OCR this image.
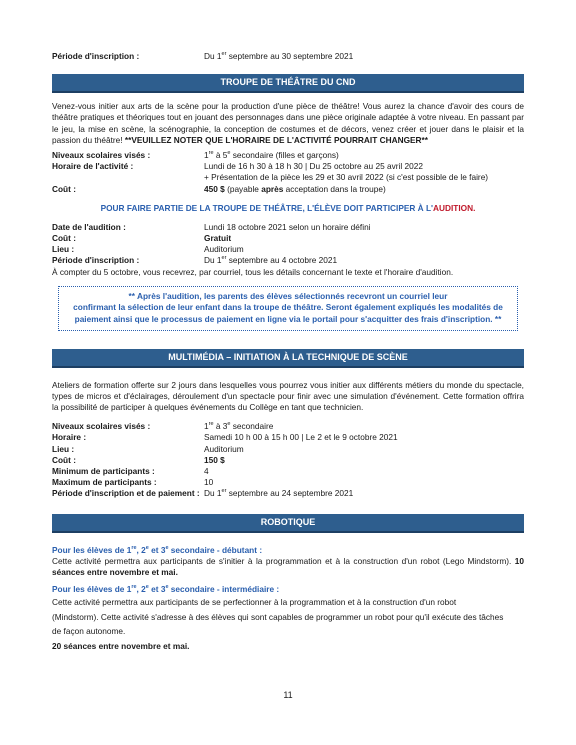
Période d'inscription :	Du 1er septembre au 30 septembre 2021
TROUPE DE THÉÂTRE DU CND
Venez-vous initier aux arts de la scène pour la production d'une pièce de théâtre! Vous aurez la chance d'avoir des cours de théâtre pratiques et théoriques tout en jouant des personnages dans une pièce originale adaptée à votre niveau. En passant par le jeu, la mise en scène, la scénographie, la conception de costumes et de décors, venez créer et jouer dans le plaisir et la passion du théâtre! **VEUILLEZ NOTER QUE L'HORAIRE DE L'ACTIVITÉ POURRAIT CHANGER**
Niveaux scolaires visés :	1re à 5e secondaire (filles et garçons)
Horaire de l'activité :	Lundi de 16 h 30 à 18 h 30 | Du 25 octobre au 25 avril 2022
+ Présentation de la pièce les 29 et 30 avril 2022 (si c'est possible de le faire)
Coût :	450 $ (payable après acceptation dans la troupe)
POUR FAIRE PARTIE DE LA TROUPE DE THÉÂTRE, L'ÉLÈVE DOIT PARTICIPER À L'AUDITION.
Date de l'audition :	Lundi 18 octobre 2021 selon un horaire défini
Coût :	Gratuit
Lieu :	Auditorium
Période d'inscription :	Du 1er septembre au 4 octobre 2021
À compter du 5 octobre, vous recevrez, par courriel, tous les détails concernant le texte et l'horaire d'audition.
** Après l'audition, les parents des élèves sélectionnés recevront un courriel leur
confirmant la sélection de leur enfant dans la troupe de théâtre. Seront également expliqués les modalités de
paiement ainsi que le processus de paiement en ligne via le portail pour s'acquitter des frais d'inscription. **
MULTIMÉDIA – INITIATION À LA TECHNIQUE DE SCÈNE
Ateliers de formation offerte sur 2 jours dans lesquelles vous pourrez vous initier aux différents métiers du monde du spectacle, types de micros et d'éclairages, déroulement d'un spectacle pour finir avec une simulation d'événement. Cette formation offrira la possibilité de participer à quelques événements du Collège en tant que technicien.
Niveaux scolaires visés :	1re à 3e secondaire
Horaire :	Samedi 10 h 00 à 15 h 00 | Le 2 et le 9 octobre 2021
Lieu :	Auditorium
Coût :	150 $
Minimum de participants :	4
Maximum de participants :	10
Période d'inscription et de paiement : Du 1er septembre au 24 septembre 2021
ROBOTIQUE
Pour les élèves de 1re, 2e et 3e secondaire - débutant :
Cette activité permettra aux participants de s'initier à la programmation et à la construction d'un robot (Lego Mindstorm). 10 séances entre novembre et mai.
Pour les élèves de 1re, 2e et 3e secondaire - intermédiaire :
Cette activité permettra aux participants de se perfectionner à la programmation et à la construction d'un robot
(Mindstorm). Cette activité s'adresse à des élèves qui sont capables de programmer un robot pour qu'il exécute des tâches
de façon autonome.
20 séances entre novembre et mai.
11
